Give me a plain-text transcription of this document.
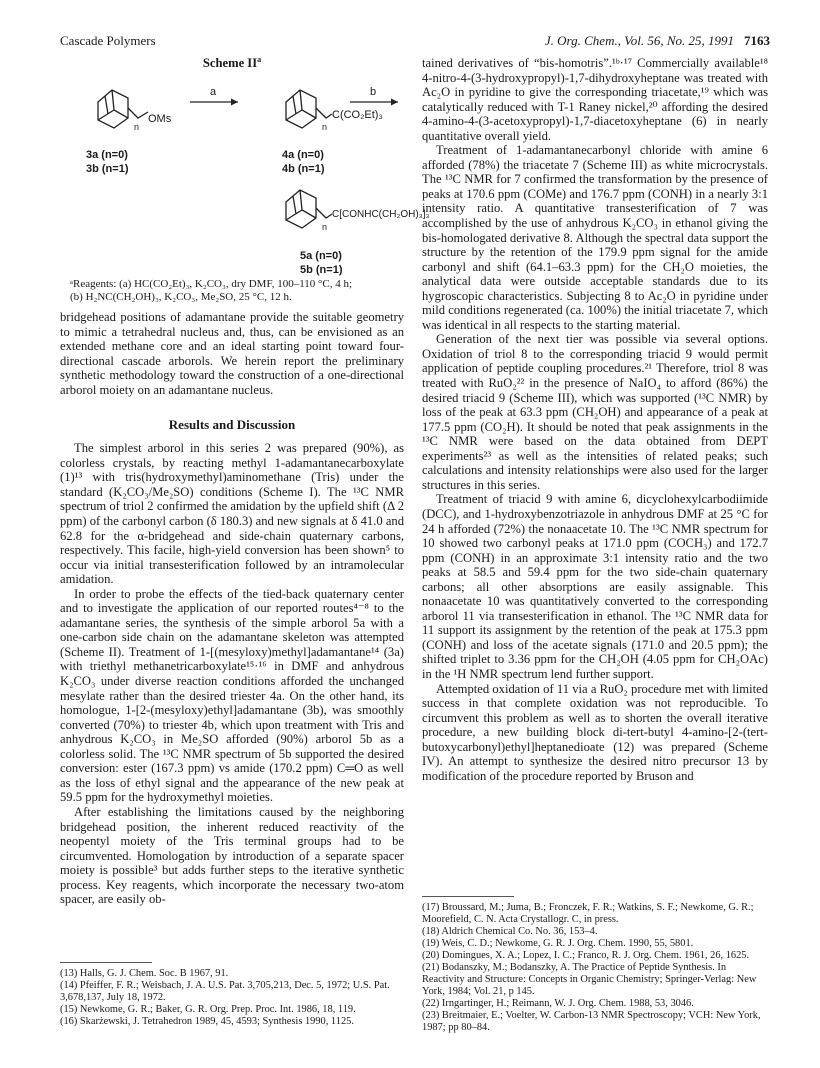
Cascade Polymers	J. Org. Chem., Vol. 56, No. 25, 1991 7163
Scheme $II^a$
a	b
OMs
n
C(CO₂Et)₃
n
C[CONHC(CH₂OH)₃]₃
n
3a (n=0)
3b (n=1)
4a (n=0)
4b (n=1)
5a (n=0)
5b (n=1)
ᵃReagents: (a) HC(CO₂Et)₃, K₂CO₃, dry DMF, 100–110 °C, 4 h;
(b) H₂NC(CH₂OH)₃, K₂CO₃, Me₂SO, 25 °C, 12 h.

bridgehead positions of adamantane provide the suitable geometry to mimic a tetrahedral nucleus and, thus, can be envisioned as an extended methane core and an ideal starting point toward four-directional cascade arborols. We herein report the preliminary synthetic methodology toward the construction of a one-directional arborol moiety on an adamantane nucleus.

Results and Discussion

The simplest arborol in this series 2 was prepared (90%), as colorless crystals, by reacting methyl 1-adamantanecarboxylate (1)¹³ with tris(hydroxymethyl)aminomethane (Tris) under the standard (K₂CO₃/Me₂SO) conditions (Scheme I). The ¹³C NMR spectrum of triol 2 confirmed the amidation by the upfield shift (Δ 2 ppm) of the carbonyl carbon (δ 180.3) and new signals at δ 41.0 and 62.8 for the α-bridgehead and side-chain quaternary carbons, respectively. This facile, high-yield conversion has been shown⁵ to occur via initial transesterification followed by an intramolecular amidation.

In order to probe the effects of the tied-back quaternary center and to investigate the application of our reported routes⁴⁻⁸ to the adamantane series, the synthesis of the simple arborol 5a with a one-carbon side chain on the adamantane skeleton was attempted (Scheme II). Treatment of 1-[(mesyloxy)methyl]adamantane¹⁴ (3a) with triethyl methanetricarboxylate¹⁵·¹⁶ in DMF and anhydrous K₂CO₃ under diverse reaction conditions afforded the unchanged mesylate rather than the desired triester 4a. On the other hand, its homologue, 1-[2-(mesyloxy)ethyl]adamantane (3b), was smoothly converted (70%) to triester 4b, which upon treatment with Tris and anhydrous K₂CO₃ in Me₂SO afforded (90%) arborol 5b as a colorless solid. The ¹³C NMR spectrum of 5b supported the desired conversion: ester (167.3 ppm) vs amide (170.2 ppm) C═O as well as the loss of ethyl signal and the appearance of the new peak at 59.5 ppm for the hydroxymethyl moieties.

After establishing the limitations caused by the neighboring bridgehead position, the inherent reduced reactivity of the neopentyl moiety of the Tris terminal groups had to be circumvented. Homologation by introduction of a separate spacer moiety is possible³ but adds further steps to the iterative synthetic process. Key reagents, which incorporate the necessary two-atom spacer, are easily ob-

(13) Halls, G. J. Chem. Soc. B 1967, 91.
(14) Pfeiffer, F. R.; Weisbach, J. A. U.S. Pat. 3,705,213, Dec. 5, 1972; U.S. Pat. 3,678,137, July 18, 1972.
(15) Newkome, G. R.; Baker, G. R. Org. Prep. Proc. Int. 1986, 18, 119.
(16) Skarżewski, J. Tetrahedron 1989, 45, 4593; Synthesis 1990, 1125.

tained derivatives of “bis-homotris”.¹ᵇ·¹⁷ Commercially available¹⁸ 4-nitro-4-(3-hydroxypropyl)-1,7-dihydroxyheptane was treated with Ac₂O in pyridine to give the corresponding triacetate,¹⁹ which was catalytically reduced with T-1 Raney nickel,²⁰ affording the desired 4-amino-4-(3-acetoxypropyl)-1,7-diacetoxyheptane (6) in nearly quantitative overall yield.

Treatment of 1-adamantanecarbonyl chloride with amine 6 afforded (78%) the triacetate 7 (Scheme III) as white microcrystals. The ¹³C NMR for 7 confirmed the transformation by the presence of peaks at 170.6 ppm (COMe) and 176.7 ppm (CONH) in a nearly 3:1 intensity ratio. A quantitative transesterification of 7 was accomplished by the use of anhydrous K₂CO₃ in ethanol giving the bis-homologated derivative 8. Although the spectral data support the structure by the retention of the 179.9 ppm signal for the amide carbonyl and shift (64.1–63.3 ppm) for the CH₂O moieties, the analytical data were outside acceptable standards due to its hygroscopic characteristics. Subjecting 8 to Ac₂O in pyridine under mild conditions regenerated (ca. 100%) the initial triacetate 7, which was identical in all respects to the starting material.

Generation of the next tier was possible via several options. Oxidation of triol 8 to the corresponding triacid 9 would permit application of peptide coupling procedures.²¹ Therefore, triol 8 was treated with RuO₂²² in the presence of NaIO₄ to afford (86%) the desired triacid 9 (Scheme III), which was supported (¹³C NMR) by loss of the peak at 63.3 ppm (CH₂OH) and appearance of a peak at 177.5 ppm (CO₂H). It should be noted that peak assignments in the ¹³C NMR were based on the data obtained from DEPT experiments²³ as well as the intensities of related peaks; such calculations and intensity relationships were also used for the larger structures in this series.

Treatment of triacid 9 with amine 6, dicyclohexylcarbodiimide (DCC), and 1-hydroxybenzotriazole in anhydrous DMF at 25 °C for 24 h afforded (72%) the nonaacetate 10. The ¹³C NMR spectrum for 10 showed two carbonyl peaks at 171.0 ppm (COCH₃) and 172.7 ppm (CONH) in an approximate 3:1 intensity ratio and the two peaks at 58.5 and 59.4 ppm for the two side-chain quaternary carbons; all other absorptions are easily assignable. This nonaacetate 10 was quantitatively converted to the corresponding arborol 11 via transesterification in ethanol. The ¹³C NMR data for 11 support its assignment by the retention of the peak at 175.3 ppm (CONH) and loss of the acetate signals (171.0 and 20.5 ppm); the shifted triplet to 3.36 ppm for the CH₂OH (4.05 ppm for CH₂OAc) in the ¹H NMR spectrum lend further support.

Attempted oxidation of 11 via a RuO₂ procedure met with limited success in that complete oxidation was not reproducible. To circumvent this problem as well as to shorten the overall iterative procedure, a new building block di-tert-butyl 4-amino-[2-(tert-butoxycarbonyl)ethyl]heptanedioate (12) was prepared (Scheme IV). An attempt to synthesize the desired nitro precursor 13 by modification of the procedure reported by Bruson and

(17) Broussard, M.; Juma, B.; Fronczek, F. R.; Watkins, S. F.; Newkome, G. R.; Moorefield, C. N. Acta Crystallogr. C, in press.
(18) Aldrich Chemical Co. No. 36, 153–4.
(19) Weis, C. D.; Newkome, G. R. J. Org. Chem. 1990, 55, 5801.
(20) Domingues, X. A.; Lopez, I. C.; Franco, R. J. Org. Chem. 1961, 26, 1625.
(21) Bodanszky, M.; Bodanszky, A. The Practice of Peptide Synthesis. In Reactivity and Structure: Concepts in Organic Chemistry; Springer-Verlag: New York, 1984; Vol. 21, p 145.
(22) Irngartinger, H.; Reimann, W. J. Org. Chem. 1988, 53, 3046.
(23) Breitmaier, E.; Voelter, W. Carbon-13 NMR Spectroscopy; VCH: New York, 1987; pp 80–84.
